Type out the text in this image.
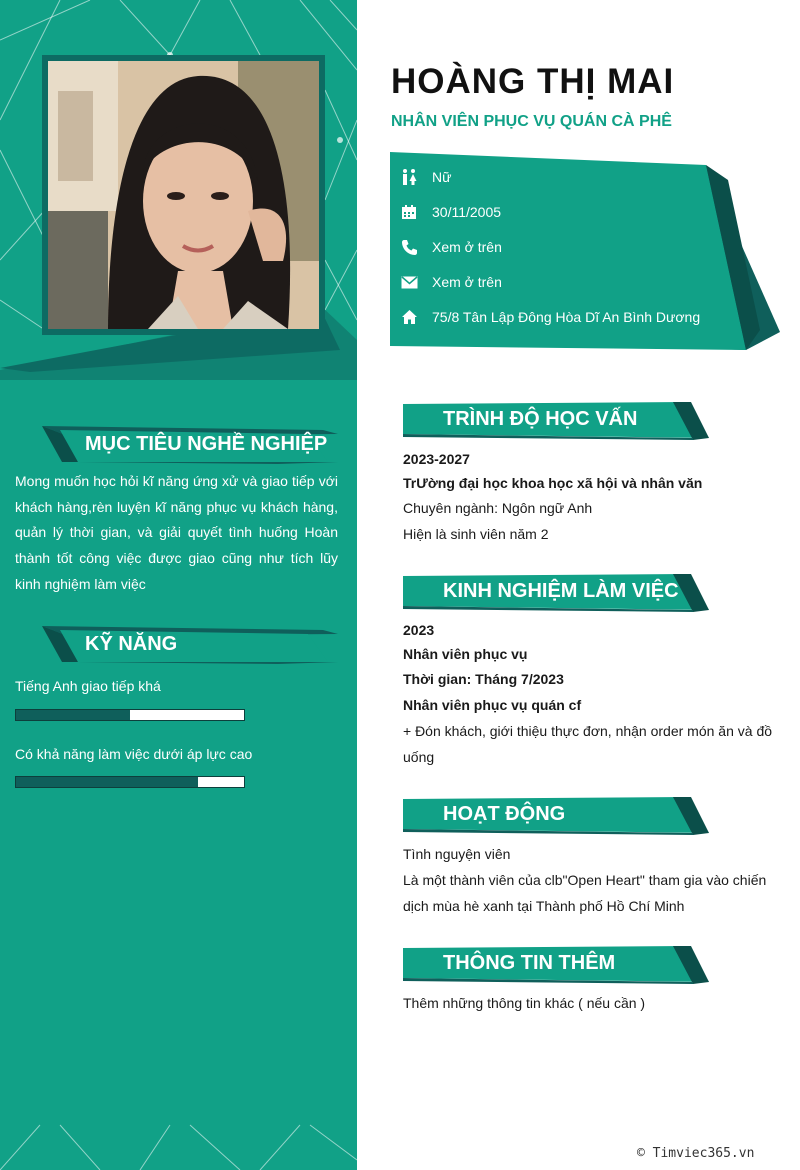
HOÀNG THỊ MAI
NHÂN VIÊN PHỤC VỤ QUÁN CÀ PHÊ
Nữ
30/11/2005
Xem ở trên
Xem ở trên
75/8 Tân Lập Đông Hòa Dĩ An Bình Dương
MỤC TIÊU NGHỀ NGHIỆP
Mong muốn học hỏi kĩ năng ứng xử và giao tiếp với khách hàng,rèn luyện kĩ năng phục vụ khách hàng, quản lý thời gian, và giải quyết tình huống Hoàn thành tốt công việc được giao cũng như tích lũy kinh nghiệm làm việc
KỸ NĂNG
Tiếng Anh giao tiếp khá
Có khả năng làm việc dưới áp lực cao
TRÌNH ĐỘ HỌC VẤN
2023-2027
TrƯờng đại học khoa học xã hội và nhân văn
Chuyên ngành: Ngôn ngữ Anh
Hiện là sinh viên năm 2
KINH NGHIỆM LÀM VIỆC
2023
Nhân viên phục vụ
Thời gian: Tháng 7/2023
Nhân viên phục vụ quán cf
+ Đón khách, giới thiệu thực đơn, nhận order món ăn và đồ uống
HOẠT ĐỘNG
Tình nguyện viên
Là một thành viên của clb"Open Heart" tham gia vào chiến dịch mùa hè xanh tại Thành phố Hồ Chí Minh
THÔNG TIN THÊM
Thêm những thông tin khác ( nếu cần )
© Timviec365.vn
